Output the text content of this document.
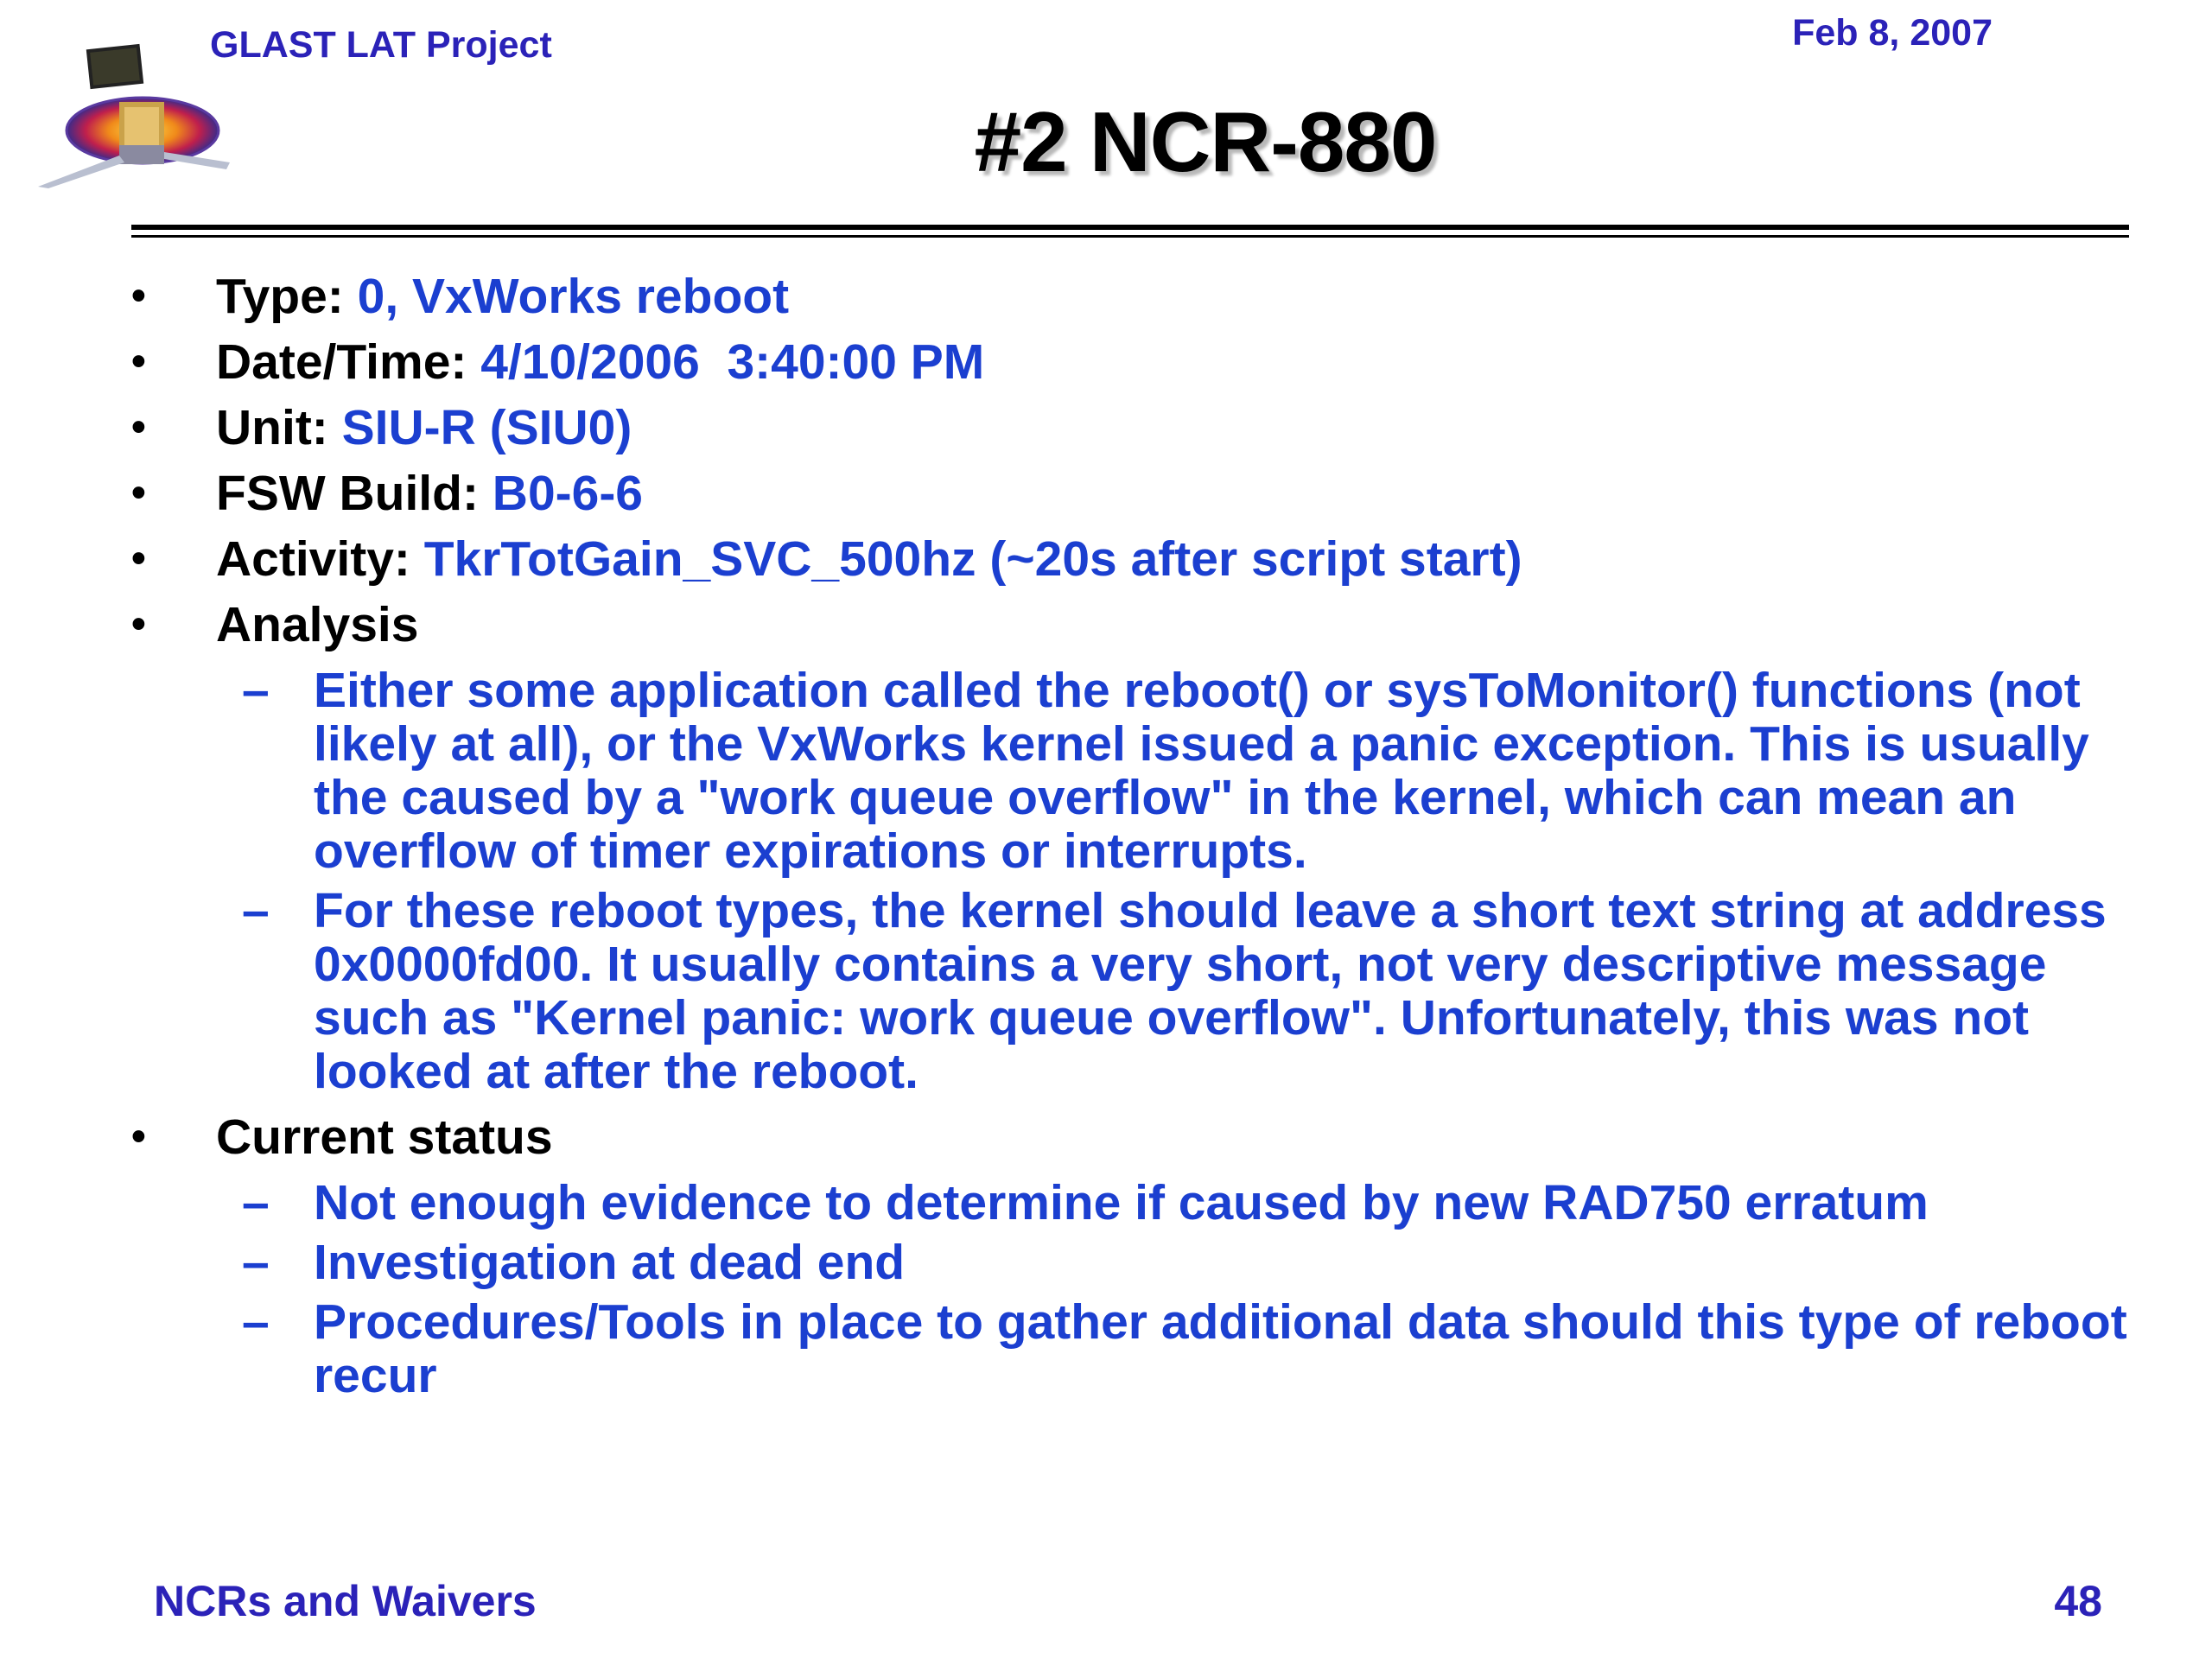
GLAST LAT Project	Feb 8, 2007
#2 NCR-880
• Type: 0, VxWorks reboot
• Date/Time: 4/10/2006  3:40:00 PM
• Unit: SIU-R (SIU0)
• FSW Build: B0-6-6
• Activity: TkrTotGain_SVC_500hz (~20s after script start)
• Analysis
– Either some application called the reboot() or sysToMonitor() functions (not likely at all), or the VxWorks kernel issued a panic exception. This is usually the caused by a "work queue overflow" in the kernel, which can mean an overflow of timer expirations or interrupts.
– For these reboot types, the kernel should leave a short text string at address 0x0000fd00. It usually contains a very short, not very descriptive message such as "Kernel panic: work queue overflow". Unfortunately, this was not looked at after the reboot.
• Current status
– Not enough evidence to determine if caused by new RAD750 erratum
– Investigation at dead end
– Procedures/Tools in place to gather additional data should this type of reboot recur
NCRs and Waivers	48
